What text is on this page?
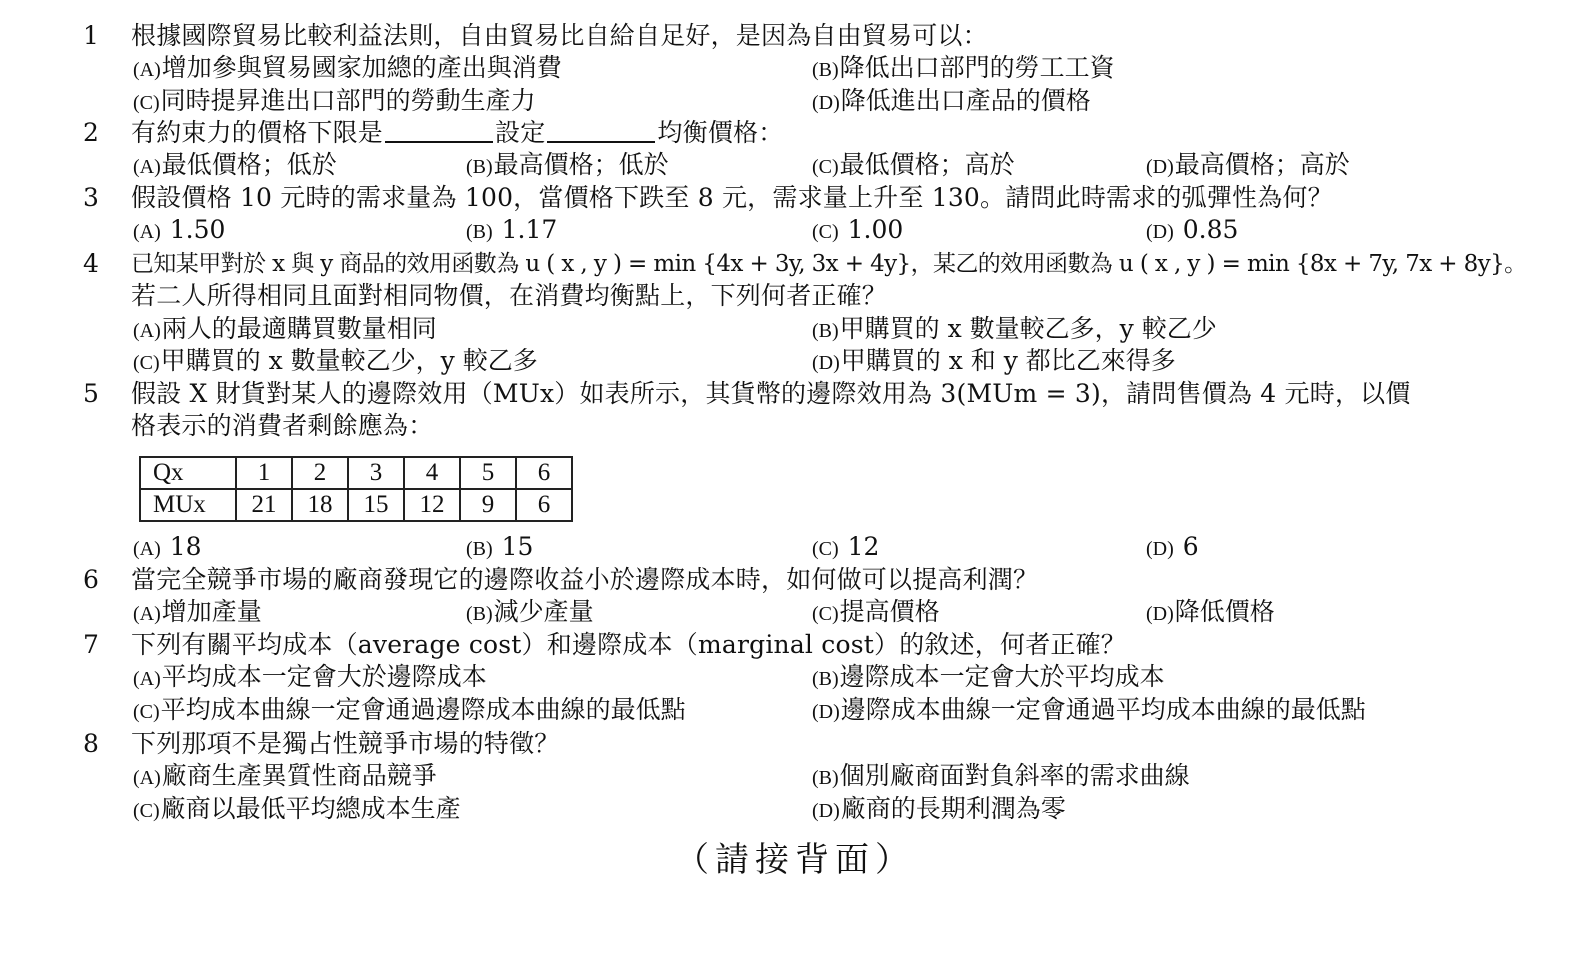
1	根據國際貿易比較利益法則，自由貿易比自給自足好，是因為自由貿易可以：
(A)增加參與貿易國家加總的產出與消費	(B)降低出口部門的勞工工資
(C)同時提昇進出口部門的勞動生產力	(D)降低進出口產品的價格
2	有約束力的價格下限是	設定	均衡價格：
(A)最低價格；低於	(B)最高價格；低於	(C)最低價格；高於	(D)最高價格；高於
3	假設價格 10 元時的需求量為 100，當價格下跌至 8 元，需求量上升至 130。請問此時需求的弧彈性為何？
(A) 1.50	(B) 1.17	(C) 1.00	(D) 0.85
4	已知某甲對於 x 與 y 商品的效用函數為 u ( x , y ) = min {4x + 3y, 3x + 4y}，某乙的效用函數為 u ( x , y ) = min {8x + 7y, 7x + 8y}。
若二人所得相同且面對相同物價，在消費均衡點上，下列何者正確？
(A)兩人的最適購買數量相同	(B)甲購買的 x 數量較乙多，y 較乙少
(C)甲購買的 x 數量較乙少，y 較乙多	(D)甲購買的 x 和 y 都比乙來得多
5	假設 X 財貨對某人的邊際效用（MUx）如表所示，其貨幣的邊際效用為 3(MUm = 3)，請問售價為 4 元時，以價
格表示的消費者剩餘應為：
Qx	1	2	3	4	5	6
MUx	21	18	15	12	9	6
(A) 18	(B) 15	(C) 12	(D) 6
6	當完全競爭市場的廠商發現它的邊際收益小於邊際成本時，如何做可以提高利潤？
(A)增加產量	(B)減少產量	(C)提高價格	(D)降低價格
7	下列有關平均成本（average cost）和邊際成本（marginal cost）的敘述，何者正確？
(A)平均成本一定會大於邊際成本	(B)邊際成本一定會大於平均成本
(C)平均成本曲線一定會通過邊際成本曲線的最低點	(D)邊際成本曲線一定會通過平均成本曲線的最低點
8	下列那項不是獨占性競爭市場的特徵？
(A)廠商生產異質性商品競爭	(B)個別廠商面對負斜率的需求曲線
(C)廠商以最低平均總成本生產	(D)廠商的長期利潤為零
（請接背面）
